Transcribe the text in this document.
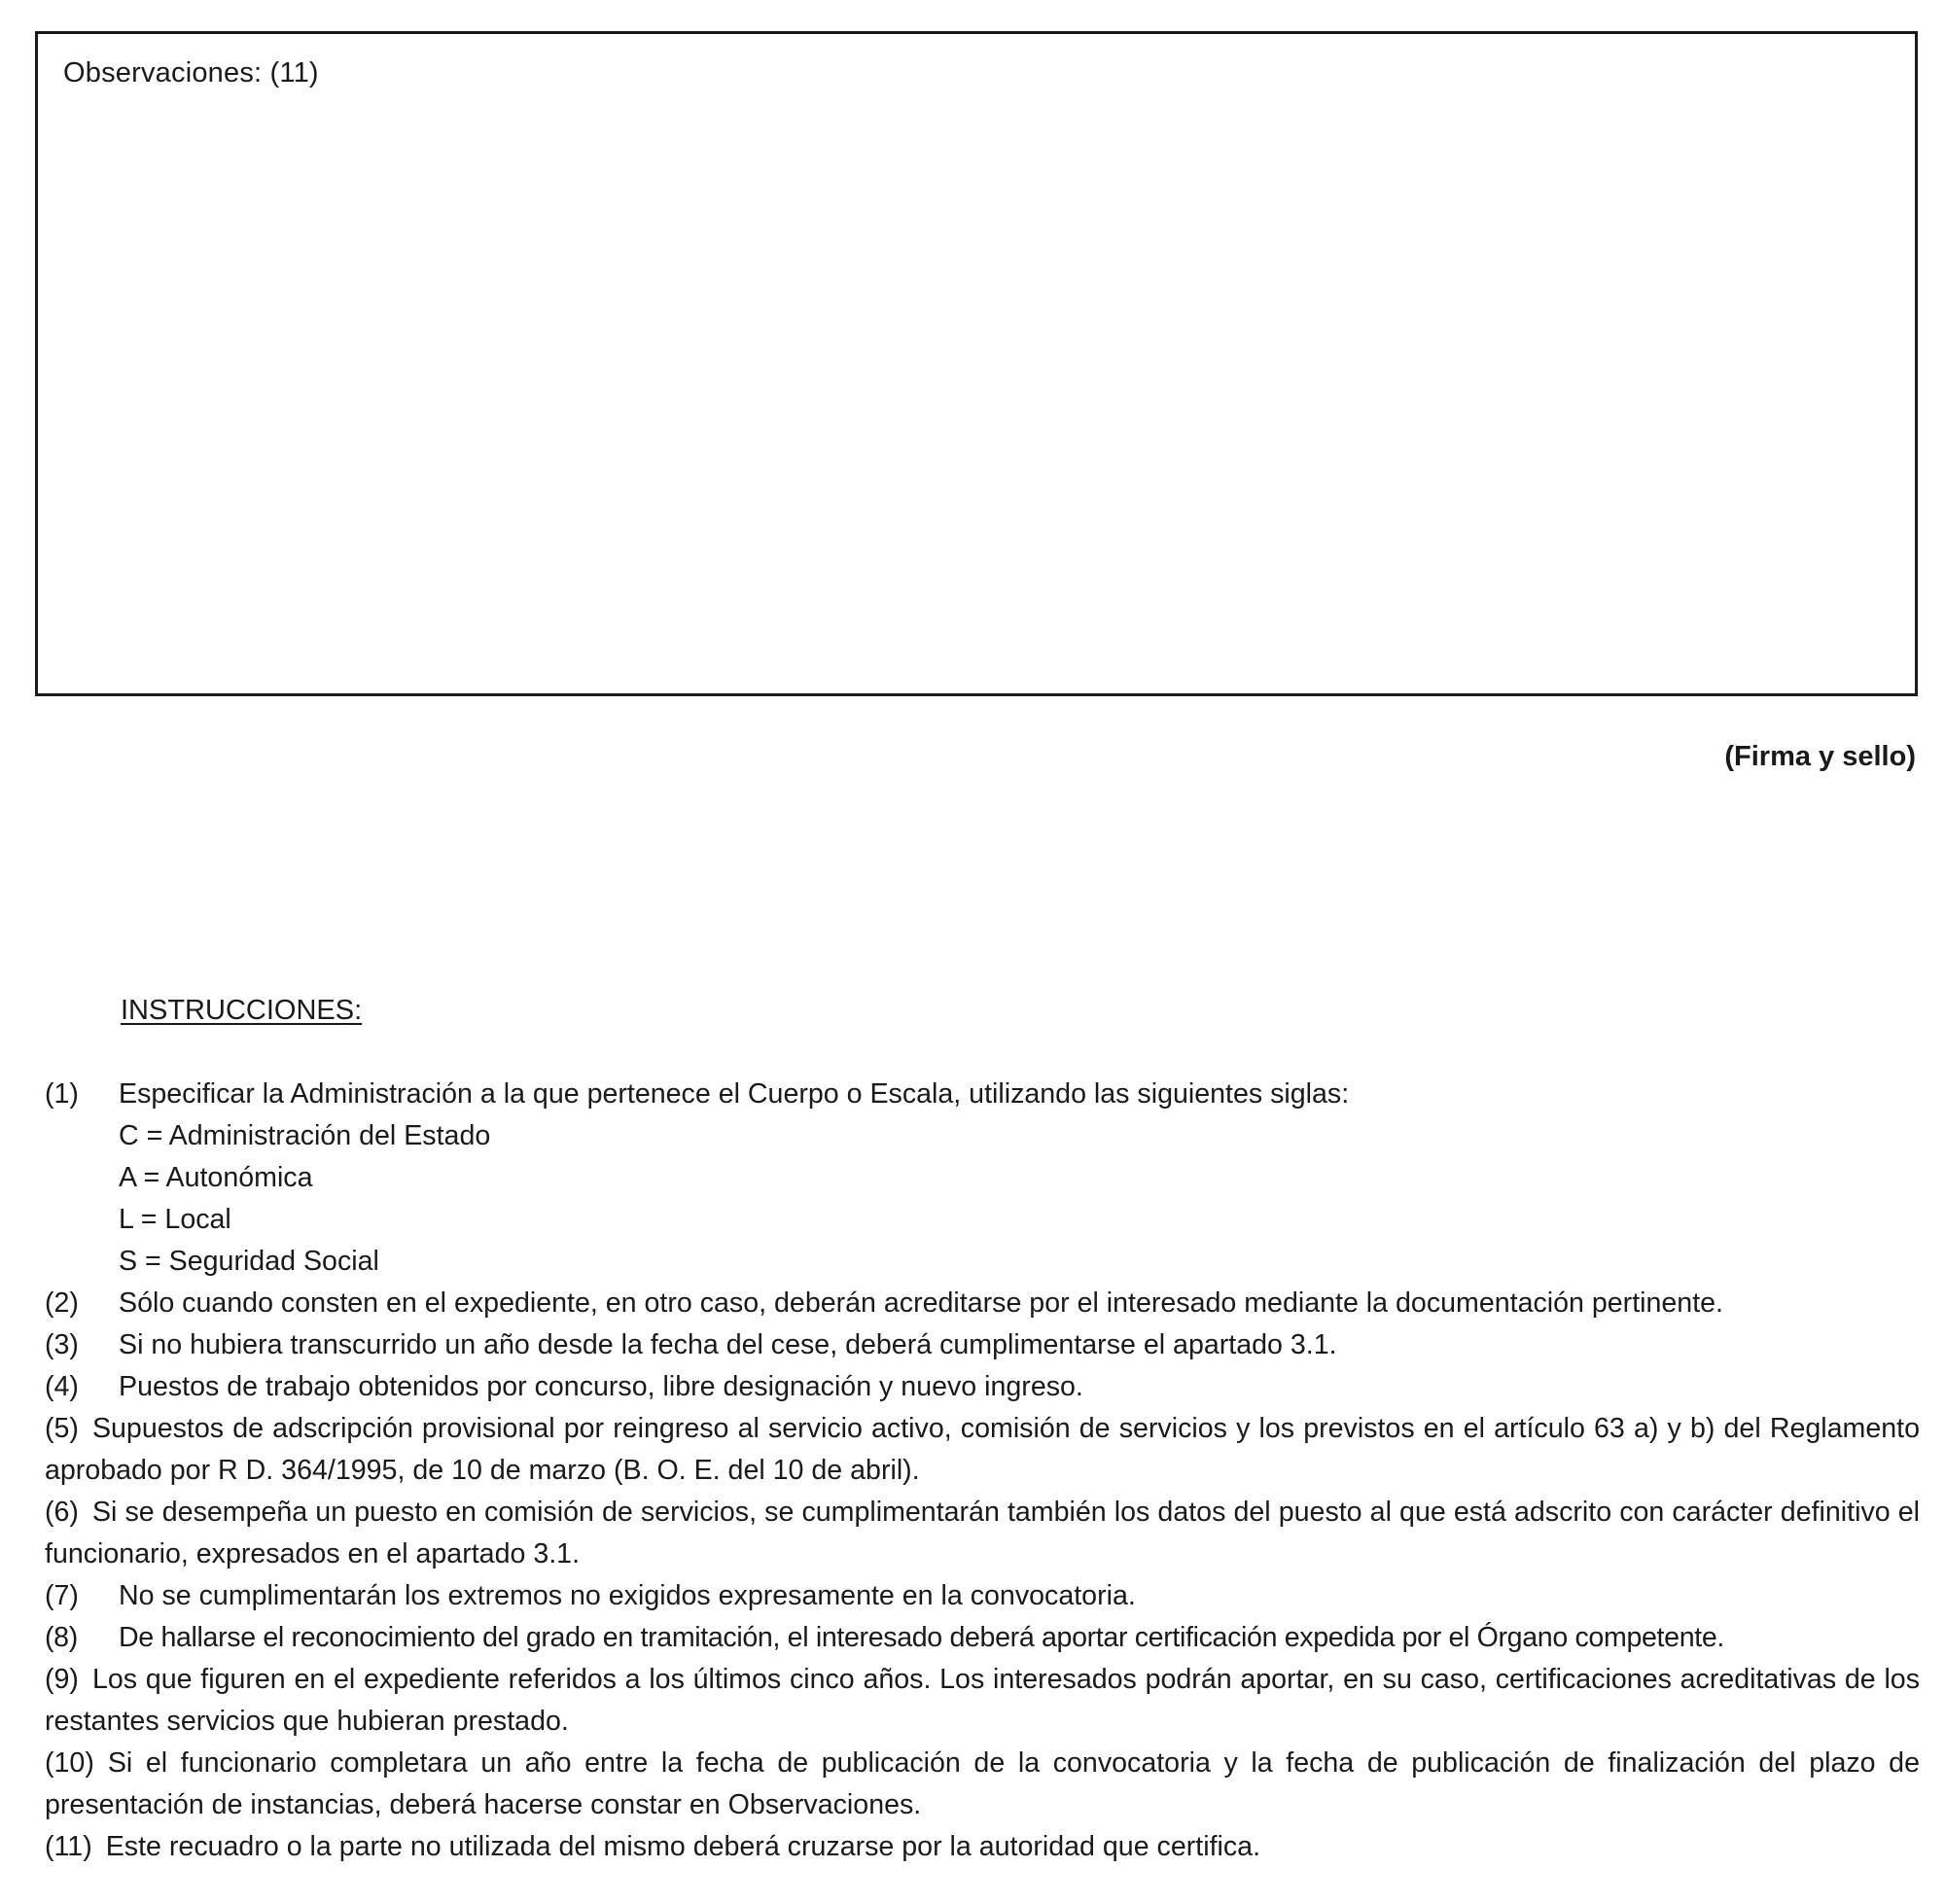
Observaciones: (11)
(Firma y sello)
INSTRUCCIONES:
(1) Especificar la Administración a la que pertenece el Cuerpo o Escala, utilizando las siguientes siglas:
C = Administración del Estado
A = Autonómica
L = Local
S = Seguridad Social
(2) Sólo cuando consten en el expediente, en otro caso, deberán acreditarse por el interesado mediante la documentación pertinente.
(3) Si no hubiera transcurrido un año desde la fecha del cese, deberá cumplimentarse el apartado 3.1.
(4) Puestos de trabajo obtenidos por concurso, libre designación y nuevo ingreso.
(5) Supuestos de adscripción provisional por reingreso al servicio activo, comisión de servicios y los previstos en el artículo 63 a) y b) del Reglamento aprobado por R D. 364/1995, de 10 de marzo (B. O. E. del 10 de abril).
(6) Si se desempeña un puesto en comisión de servicios, se cumplimentarán también los datos del puesto al que está adscrito con carácter definitivo el funcionario, expresados en el apartado 3.1.
(7) No se cumplimentarán los extremos no exigidos expresamente en la convocatoria.
(8) De hallarse el reconocimiento del grado en tramitación, el interesado deberá aportar certificación expedida por el Órgano competente.
(9) Los que figuren en el expediente referidos a los últimos cinco años. Los interesados podrán aportar, en su caso, certificaciones acreditativas de los restantes servicios que hubieran prestado.
(10) Si el funcionario completara un año entre la fecha de publicación de la convocatoria y la fecha de publicación de finalización del plazo de presentación de instancias, deberá hacerse constar en Observaciones.
(11) Este recuadro o la parte no utilizada del mismo deberá cruzarse por la autoridad que certifica.
